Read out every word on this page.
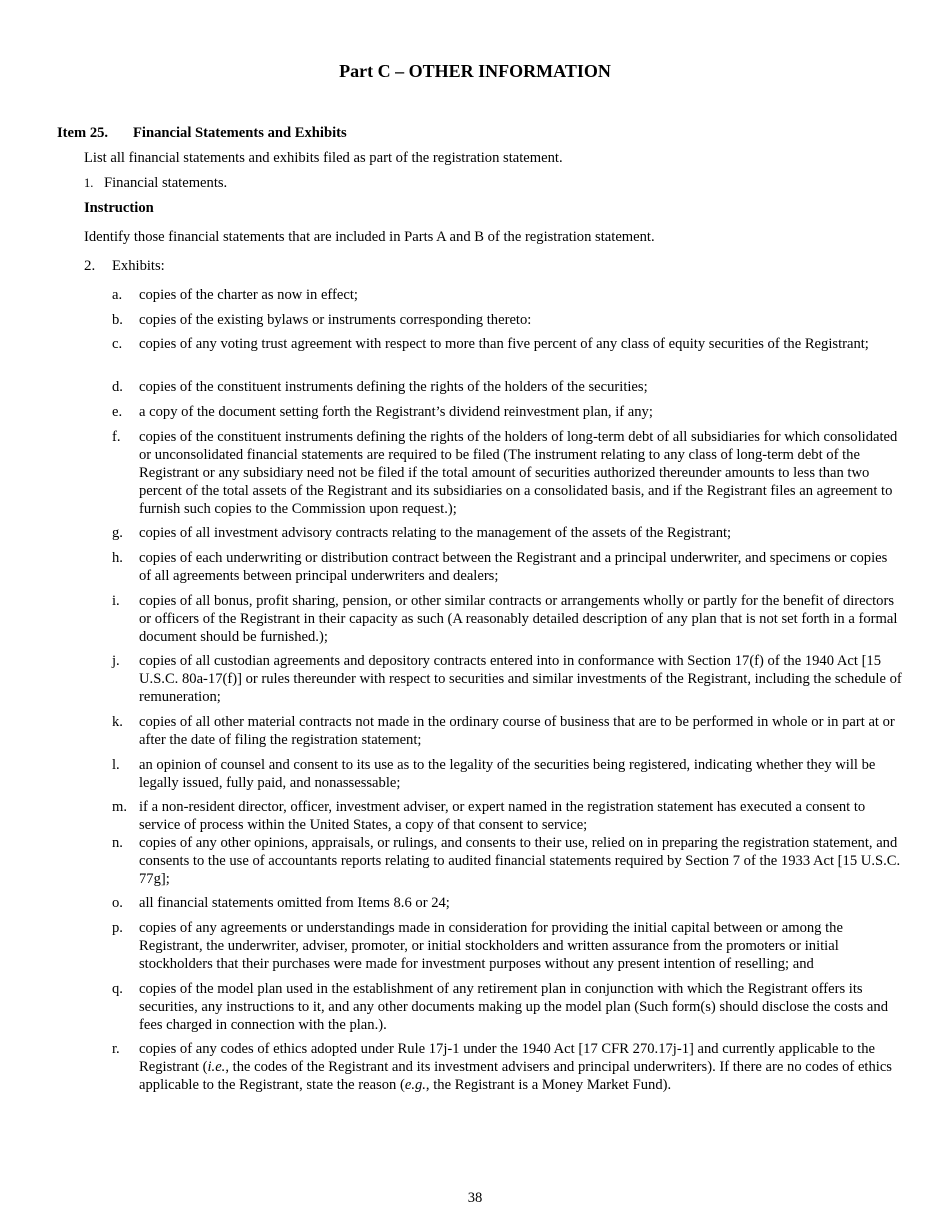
Part C – OTHER INFORMATION
Item 25. Financial Statements and Exhibits
List all financial statements and exhibits filed as part of the registration statement.
1. Financial statements.
Instruction
Identify those financial statements that are included in Parts A and B of the registration statement.
2. Exhibits:
a.	copies of the charter as now in effect;
b.	copies of the existing bylaws or instruments corresponding thereto:
c.	copies of any voting trust agreement with respect to more than five percent of any class of equity securities of the Registrant;
d.	copies of the constituent instruments defining the rights of the holders of the securities;
e.	a copy of the document setting forth the Registrant’s dividend reinvestment plan, if any;
f.	copies of the constituent instruments defining the rights of the holders of long-term debt of all subsidiaries for which consolidated or unconsolidated financial statements are required to be filed (The instrument relating to any class of long-term debt of the Registrant or any subsidiary need not be filed if the total amount of securities authorized thereunder amounts to less than two percent of the total assets of the Registrant and its subsidiaries on a consolidated basis, and if the Registrant files an agreement to furnish such copies to the Commission upon request.);
g.	copies of all investment advisory contracts relating to the management of the assets of the Registrant;
h.	copies of each underwriting or distribution contract between the Registrant and a principal underwriter, and specimens or copies of all agreements between principal underwriters and dealers;
i.	copies of all bonus, profit sharing, pension, or other similar contracts or arrangements wholly or partly for the benefit of directors or officers of the Registrant in their capacity as such (A reasonably detailed description of any plan that is not set forth in a formal document should be furnished.);
j.	copies of all custodian agreements and depository contracts entered into in conformance with Section 17(f) of the 1940 Act [15 U.S.C. 80a-17(f)] or rules thereunder with respect to securities and similar investments of the Registrant, including the schedule of remuneration;
k.	copies of all other material contracts not made in the ordinary course of business that are to be performed in whole or in part at or after the date of filing the registration statement;
l.	an opinion of counsel and consent to its use as to the legality of the securities being registered, indicating whether they will be legally issued, fully paid, and nonassessable;
m. if a non-resident director, officer, investment adviser, or expert named in the registration statement has executed a consent to service of process within the United States, a copy of that consent to service;
n.	copies of any other opinions, appraisals, or rulings, and consents to their use, relied on in preparing the registration statement, and consents to the use of accountants reports relating to audited financial statements required by Section 7 of the 1933 Act [15 U.S.C. 77g];
o.	all financial statements omitted from Items 8.6 or 24;
p.	copies of any agreements or understandings made in consideration for providing the initial capital between or among the Registrant, the underwriter, adviser, promoter, or initial stockholders and written assurance from the promoters or initial stockholders that their purchases were made for investment purposes without any present intention of reselling; and
q.	copies of the model plan used in the establishment of any retirement plan in conjunction with which the Registrant offers its securities, any instructions to it, and any other documents making up the model plan (Such form(s) should disclose the costs and fees charged in connection with the plan.).
r.	copies of any codes of ethics adopted under Rule 17j-1 under the 1940 Act [17 CFR 270.17j-1] and currently applicable to the Registrant (i.e., the codes of the Registrant and its investment advisers and principal underwriters). If there are no codes of ethics applicable to the Registrant, state the reason (e.g., the Registrant is a Money Market Fund).
38
